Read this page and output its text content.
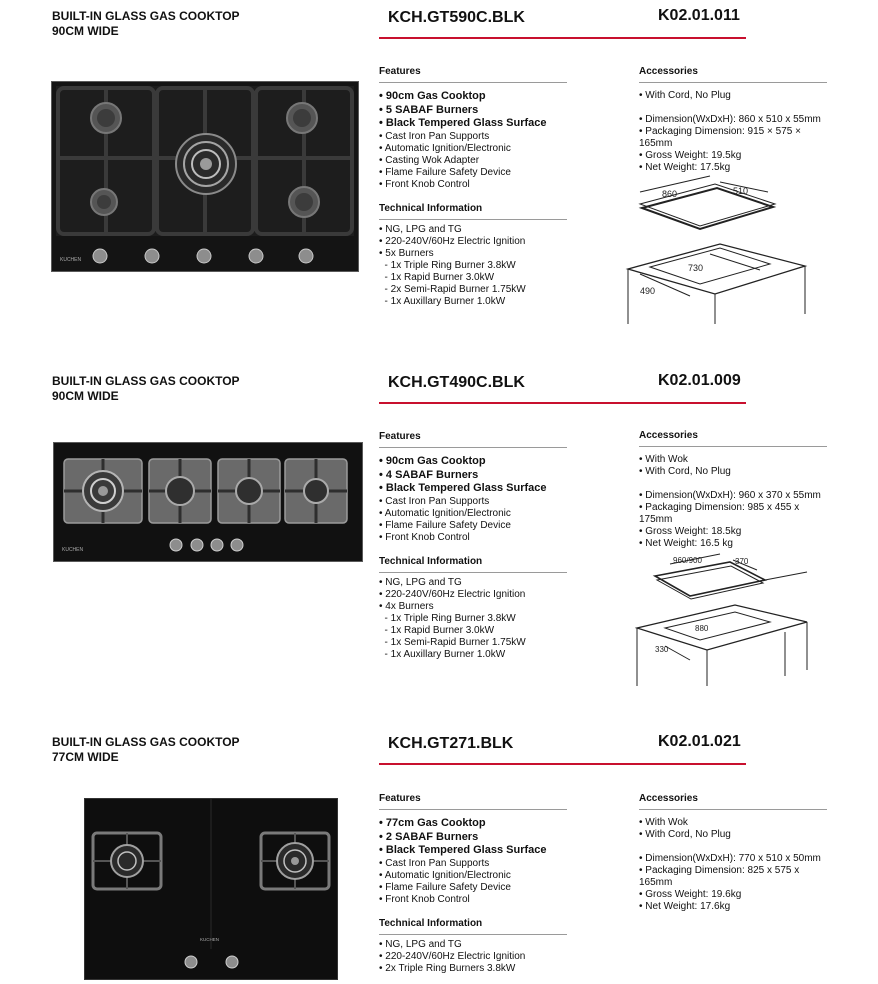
BUILT-IN GLASS GAS COOKTOP
90CM WIDE
KCH.GT590C.BLK	K02.01.011
KUCHEN
Features
• 90cm Gas Cooktop
• 5 SABAF Burners
• Black Tempered Glass Surface
• Cast Iron Pan Supports
• Automatic Ignition/Electronic
• Casting Wok Adapter
• Flame Failure Safety Device
• Front Knob Control
Technical Information
• NG, LPG and TG
• 220-240V/60Hz Electric Ignition
• 5x Burners
- 1x Triple Ring Burner 3.8kW
- 1x Rapid Burner 3.0kW
- 2x Semi-Rapid Burner 1.75kW
- 1x Auxillary Burner 1.0kW
Accessories
• With Cord, No Plug
• Dimension(WxDxH): 860 x 510 x 55mm
• Packaging Dimension: 915 × 575 × 165mm
• Gross Weight: 19.5kg
• Net Weight: 17.5kg
860	510
730
490
BUILT-IN GLASS GAS COOKTOP
90CM WIDE
KCH.GT490C.BLK	K02.01.009
KUCHEN
Features
• 90cm Gas Cooktop
• 4 SABAF Burners
• Black Tempered Glass Surface
• Cast Iron Pan Supports
• Automatic Ignition/Electronic
• Flame Failure Safety Device
• Front Knob Control
Technical Information
• NG, LPG and TG
• 220-240V/60Hz Electric Ignition
• 4x Burners
- 1x Triple Ring Burner 3.8kW
- 1x Rapid Burner 3.0kW
- 1x Semi-Rapid Burner 1.75kW
- 1x Auxillary Burner 1.0kW
Accessories
• With Wok
• With Cord, No Plug
• Dimension(WxDxH): 960 x 370 x 55mm
• Packaging Dimension: 985 x 455 x 175mm
• Gross Weight: 18.5kg
• Net Weight: 16.5 kg
960/900	370
880
330
BUILT-IN GLASS GAS COOKTOP
77CM WIDE
KCH.GT271.BLK	K02.01.021
KUCHEN
Features
• 77cm Gas Cooktop
• 2 SABAF Burners
• Black Tempered Glass Surface
• Cast Iron Pan Supports
• Automatic Ignition/Electronic
• Flame Failure Safety Device
• Front Knob Control
Technical Information
• NG, LPG and TG
• 220-240V/60Hz Electric Ignition
• 2x Triple Ring Burners 3.8kW
Accessories
• With Wok
• With Cord, No Plug
• Dimension(WxDxH): 770 x 510 x 50mm
• Packaging Dimension: 825 x 575 x 165mm
• Gross Weight: 19.6kg
• Net Weight: 17.6kg
